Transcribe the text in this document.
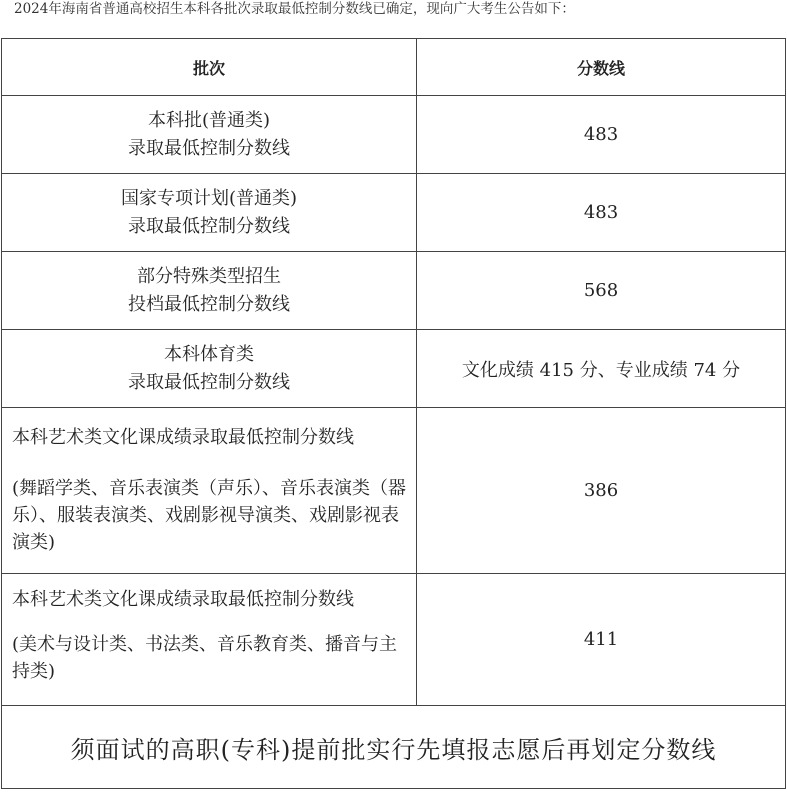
2024年海南省普通高校招生本科各批次录取最低控制分数线已确定，现向广大考生公告如下：
批次	分数线

本科批(普通类)
录取最低控制分数线	483

国家专项计划(普通类)
录取最低控制分数线	483

部分特殊类型招生
投档最低控制分数线	568

本科体育类
录取最低控制分数线	文化成绩 415 分、专业成绩 74 分

本科艺术类文化课成绩录取最低控制分数线
(舞蹈学类、音乐表演类（声乐）、音乐表演类（器乐）、服装表演类、戏剧影视导演类、戏剧影视表演类)	386

本科艺术类文化课成绩录取最低控制分数线
(美术与设计类、书法类、音乐教育类、播音与主持类)	411
须面试的高职(专科)提前批实行先填报志愿后再划定分数线	
